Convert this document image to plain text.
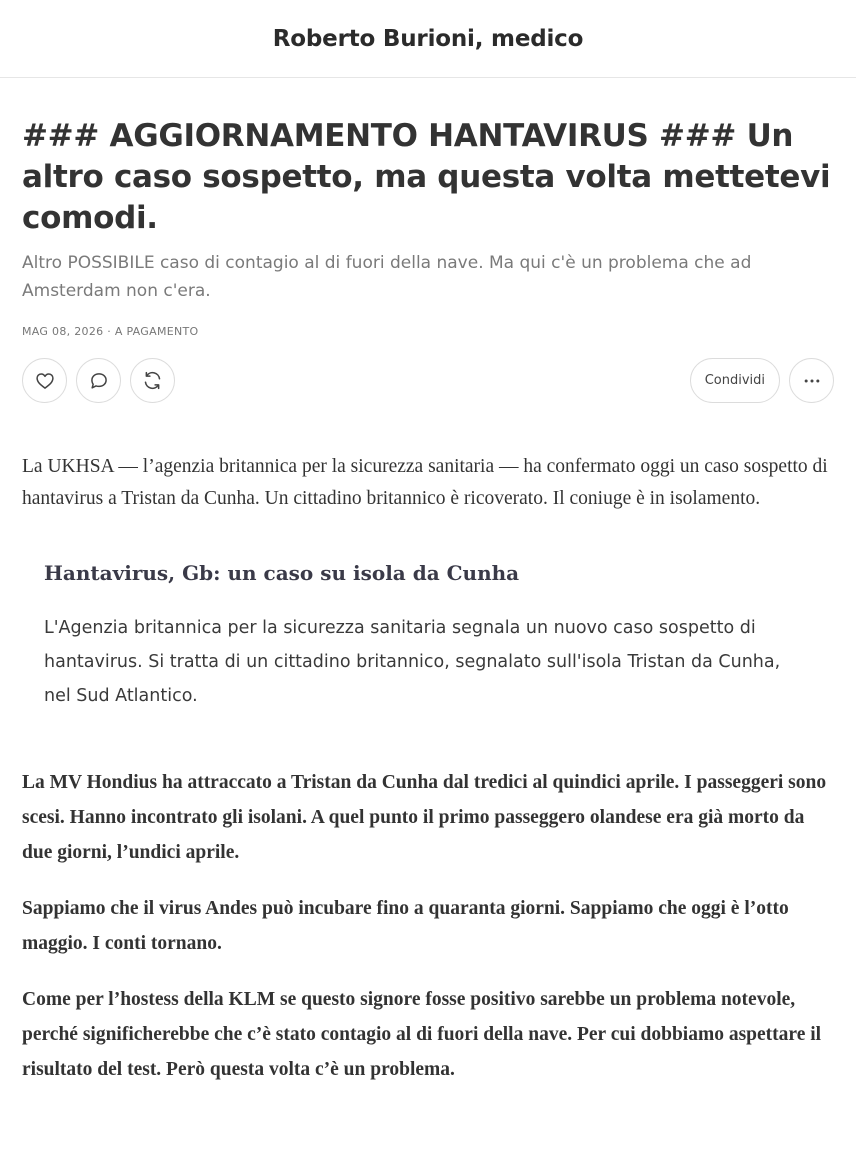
Roberto Burioni, medico
### AGGIORNAMENTO HANTAVIRUS ### Un altro caso sospetto, ma questa volta mettetevi comodi.
Altro POSSIBILE caso di contagio al di fuori della nave. Ma qui c'è un problema che ad Amsterdam non c'era.
MAG 08, 2026 · A PAGAMENTO
Condividi

La UKHSA — l’agenzia britannica per la sicurezza sanitaria — ha confermato oggi un caso sospetto di hantavirus a Tristan da Cunha. Un cittadino britannico è ricoverato. Il coniuge è in isolamento.

Hantavirus, Gb: un caso su isola da Cunha
L'Agenzia britannica per la sicurezza sanitaria segnala un nuovo caso sospetto di hantavirus. Si tratta di un cittadino britannico, segnalato sull'isola Tristan da Cunha, nel Sud Atlantico.

La MV Hondius ha attraccato a Tristan da Cunha dal tredici al quindici aprile. I passeggeri sono scesi. Hanno incontrato gli isolani. A quel punto il primo passeggero olandese era già morto da due giorni, l’undici aprile.

Sappiamo che il virus Andes può incubare fino a quaranta giorni. Sappiamo che oggi è l’otto maggio. I conti tornano.

Come per l’hostess della KLM se questo signore fosse positivo sarebbe un problema notevole, perché significherebbe che c’è stato contagio al di fuori della nave. Per cui dobbiamo aspettare il risultato del test. Però questa volta c’è un problema.
